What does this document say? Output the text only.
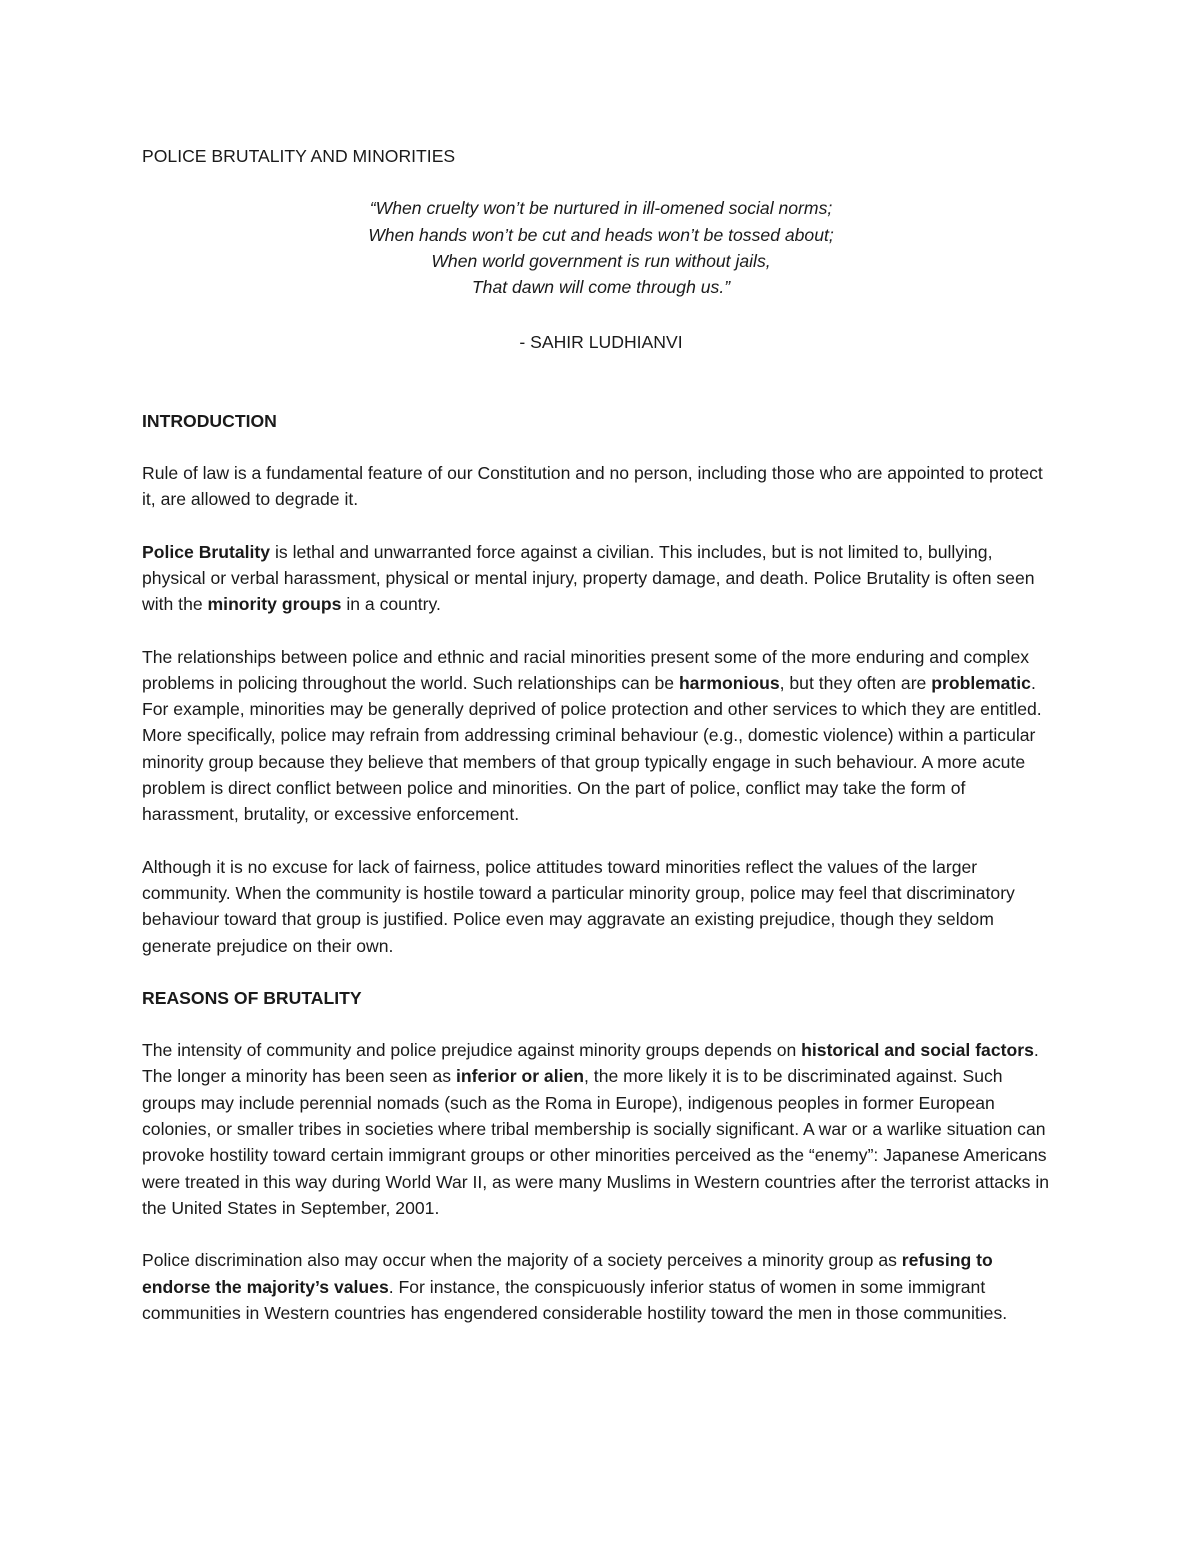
POLICE BRUTALITY AND MINORITIES
“When cruelty won’t be nurtured in ill-omened social norms;
When hands won’t be cut and heads won’t be tossed about;
When world government is run without jails,
That dawn will come through us.”
- SAHIR LUDHIANVI
INTRODUCTION

Rule of law is a fundamental feature of our Constitution and no person, including those who are appointed to protect it, are allowed to degrade it.

Police Brutality is lethal and unwarranted force against a civilian. This includes, but is not limited to, bullying, physical or verbal harassment, physical or mental injury, property damage, and death. Police Brutality is often seen with the minority groups in a country.

The relationships between police and ethnic and racial minorities present some of the more enduring and complex problems in policing throughout the world. Such relationships can be harmonious, but they often are problematic. For example, minorities may be generally deprived of police protection and other services to which they are entitled. More specifically, police may refrain from addressing criminal behaviour (e.g., domestic violence) within a particular minority group because they believe that members of that group typically engage in such behaviour. A more acute problem is direct conflict between police and minorities. On the part of police, conflict may take the form of harassment, brutality, or excessive enforcement.

Although it is no excuse for lack of fairness, police attitudes toward minorities reflect the values of the larger community. When the community is hostile toward a particular minority group, police may feel that discriminatory behaviour toward that group is justified. Police even may aggravate an existing prejudice, though they seldom generate prejudice on their own.

REASONS OF BRUTALITY

The intensity of community and police prejudice against minority groups depends on historical and social factors. The longer a minority has been seen as inferior or alien, the more likely it is to be discriminated against. Such groups may include perennial nomads (such as the Roma in Europe), indigenous peoples in former European colonies, or smaller tribes in societies where tribal membership is socially significant. A war or a warlike situation can provoke hostility toward certain immigrant groups or other minorities perceived as the “enemy”: Japanese Americans were treated in this way during World War II, as were many Muslims in Western countries after the terrorist attacks in the United States in September, 2001.

Police discrimination also may occur when the majority of a society perceives a minority group as refusing to endorse the majority’s values. For instance, the conspicuously inferior status of women in some immigrant communities in Western countries has engendered considerable hostility toward the men in those communities.
